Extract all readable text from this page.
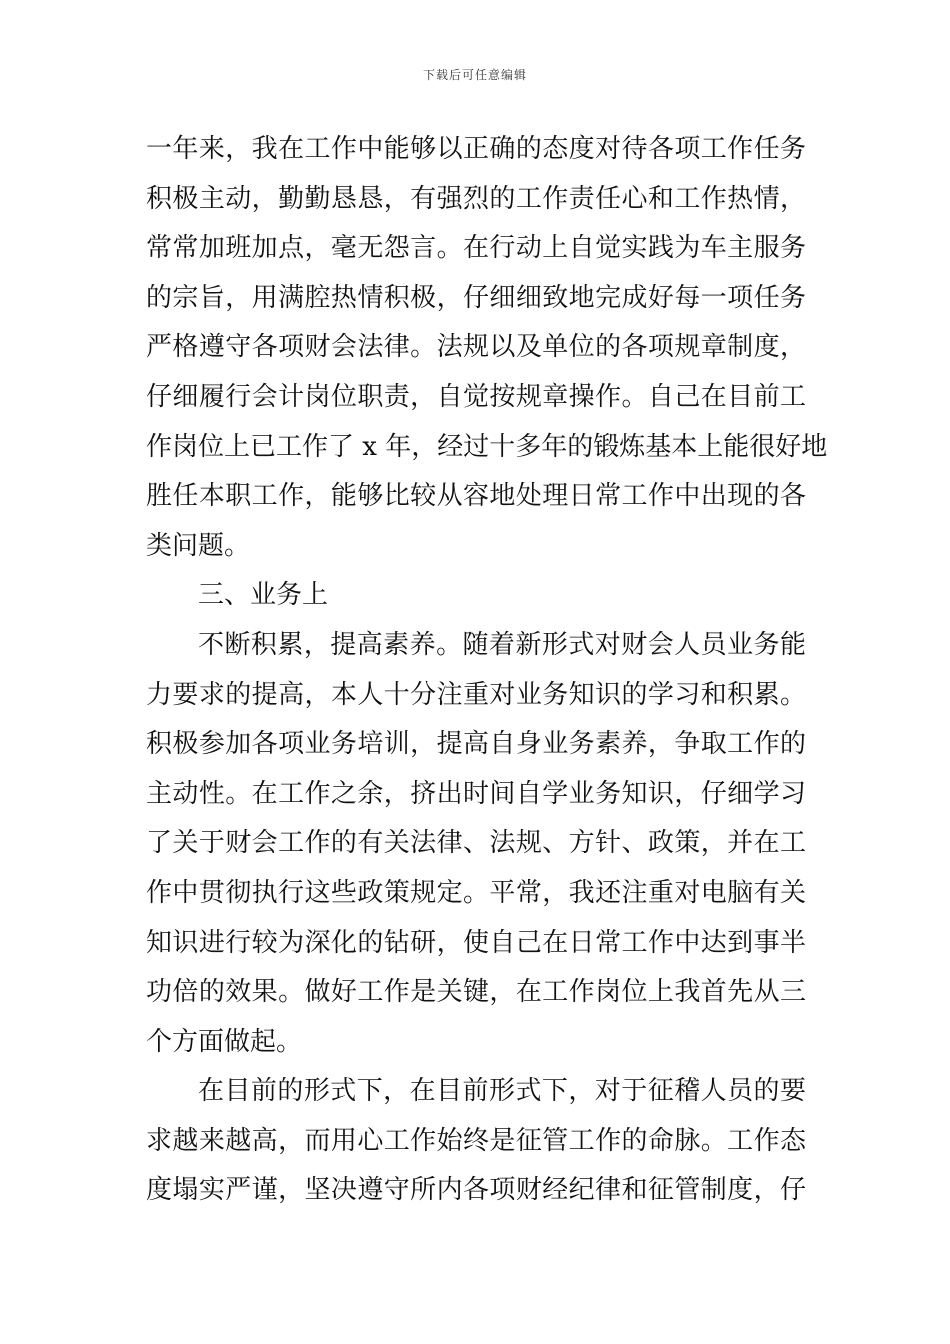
下载后可任意编辑
一年来，我在工作中能够以正确的态度对待各项工作任务
积极主动，勤勤恳恳，有强烈的工作责任心和工作热情，
常常加班加点，毫无怨言。在行动上自觉实践为车主服务
的宗旨，用满腔热情积极，仔细细致地完成好每一项任务
严格遵守各项财会法律。法规以及单位的各项规章制度，
仔细履行会计岗位职责，自觉按规章操作。自己在目前工
作岗位上已工作了 x 年，经过十多年的锻炼基本上能很好地
胜任本职工作，能够比较从容地处理日常工作中出现的各
类问题。
三、业务上
不断积累，提高素养。随着新形式对财会人员业务能
力要求的提高，本人十分注重对业务知识的学习和积累。
积极参加各项业务培训，提高自身业务素养，争取工作的
主动性。在工作之余，挤出时间自学业务知识，仔细学习
了关于财会工作的有关法律、法规、方针、政策，并在工
作中贯彻执行这些政策规定。平常，我还注重对电脑有关
知识进行较为深化的钻研，使自己在日常工作中达到事半
功倍的效果。做好工作是关键，在工作岗位上我首先从三
个方面做起。
在目前的形式下，在目前形式下，对于征稽人员的要
求越来越高，而用心工作始终是征管工作的命脉。工作态
度塌实严谨，坚决遵守所内各项财经纪律和征管制度，仔
